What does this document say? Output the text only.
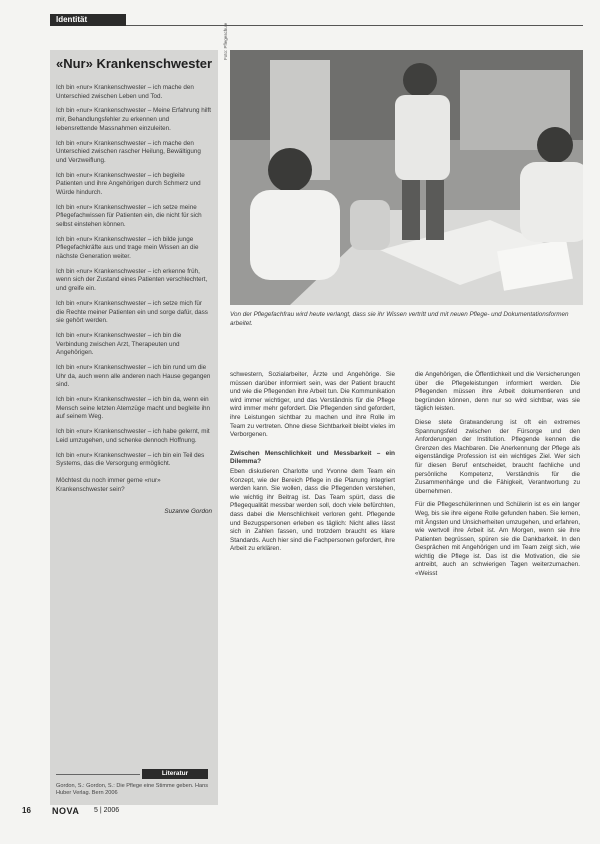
Identität
«Nur» Krankenschwester

Ich bin «nur» Krankenschwester – ich mache den Unterschied zwischen Leben und Tod.

Ich bin «nur» Krankenschwester – Meine Erfahrung hilft mir, Behandlungsfehler zu erkennen und lebensrettende Massnahmen einzuleiten.

Ich bin «nur» Krankenschwester – ich mache den Unterschied zwischen rascher Heilung, Bewältigung und Verzweiflung.

Ich bin «nur» Krankenschwester – ich begleite Patienten und ihre Angehörigen durch Schmerz und Würde hindurch.

Ich bin «nur» Krankenschwester – ich setze meine Pflegefachwissen für Patienten ein, die nicht für sich selbst einstehen können.

Ich bin «nur» Krankenschwester – ich bilde junge Pflegefachkräfte aus und trage mein Wissen an die nächste Generation weiter.

Ich bin «nur» Krankenschwester – ich erkenne früh, wenn sich der Zustand eines Patienten verschlechtert, und greife ein.

Ich bin «nur» Krankenschwester – ich setze mich für die Rechte meiner Patienten ein und sorge dafür, dass sie gehört werden.

Ich bin «nur» Krankenschwester – ich bin die Verbindung zwischen Arzt, Therapeuten und Angehörigen.

Ich bin «nur» Krankenschwester – ich bin rund um die Uhr da, auch wenn alle anderen nach Hause gegangen sind.

Ich bin «nur» Krankenschwester – ich bin da, wenn ein Mensch seine letzten Atemzüge macht und begleite ihn auf seinem Weg.

Ich bin «nur» Krankenschwester – ich habe gelernt, mit Leid umzugehen, und schenke dennoch Hoffnung.

Ich bin «nur» Krankenschwester – ich bin ein Teil des Systems, das die Versorgung ermöglicht.

Möchtest du noch immer gerne «nur» Krankenschwester sein?

Suzanne Gordon

Literatur
Gordon, S.: Gordon, S.: Die Pflege eine Stimme geben. Hans Huber Verlag. Bern 2006
Foto: Pflegeschule
Von der Pflegefachfrau wird heute verlangt, dass sie ihr Wissen vertritt und mit neuen Pflege- und Dokumentationsformen arbeitet.

schwestern, Sozialarbeiter, Ärzte und Angehörige. Sie müssen darüber informiert sein, was der Patient braucht und wie die Pflegenden ihre Arbeit tun. Die Kommunikation wird immer wichtiger, und das Verständnis für die Pflege wird immer mehr gefordert. Die Pflegenden sind gefordert, ihre Leistungen sichtbar zu machen und ihre Rolle im Team zu vertreten. Ohne diese Sichtbarkeit bleibt vieles im Verborgenen.

Zwischen Menschlichkeit und Messbarkeit – ein Dilemma?

Eben diskutieren Charlotte und Yvonne dem Team ein Konzept, wie der Bereich Pflege in die Planung integriert werden kann. Sie wollen, dass die Pflegenden verstehen, wie wichtig ihr Beitrag ist. Das Team spürt, dass die Pflegequalität messbar werden soll, doch viele befürchten, dass dabei die Menschlichkeit verloren geht. Pflegende und Bezugspersonen erleben es täglich: Nicht alles lässt sich in Zahlen fassen, und trotzdem braucht es klare Standards. Auch hier sind die Fachpersonen gefordert, ihre Arbeit zu erklären.

die Angehörigen, die Öffentlichkeit und die Versicherungen über die Pflegeleistungen informiert werden. Die Pflegenden müssen ihre Arbeit dokumentieren und begründen können, denn nur so wird sichtbar, was sie täglich leisten.

Diese stete Gratwanderung ist oft ein extremes Spannungsfeld zwischen der Fürsorge und den Anforderungen der Institution. Pflegende kennen die Grenzen des Machbaren. Die Anerkennung der Pflege als eigenständige Profession ist ein wichtiges Ziel. Wer sich für diesen Beruf entscheidet, braucht fachliche und persönliche Kompetenz, Verständnis für die Zusammenhänge und die Fähigkeit, Verantwortung zu übernehmen.

Für die Pflegeschülerinnen und Schülerin ist es ein langer Weg, bis sie ihre eigene Rolle gefunden haben. Sie lernen, mit Ängsten und Unsicherheiten umzugehen, und erfahren, wie wertvoll ihre Arbeit ist. Am Morgen, wenn sie ihre Patienten begrüssen, spüren sie die Dankbarkeit. In den Gesprächen mit Angehörigen und im Team zeigt sich, wie wichtig die Pflege ist. Das ist die Motivation, die sie antreibt, auch an schwierigen Tagen weiterzumachen. «Weisst

16 NOVA 5 | 2006
